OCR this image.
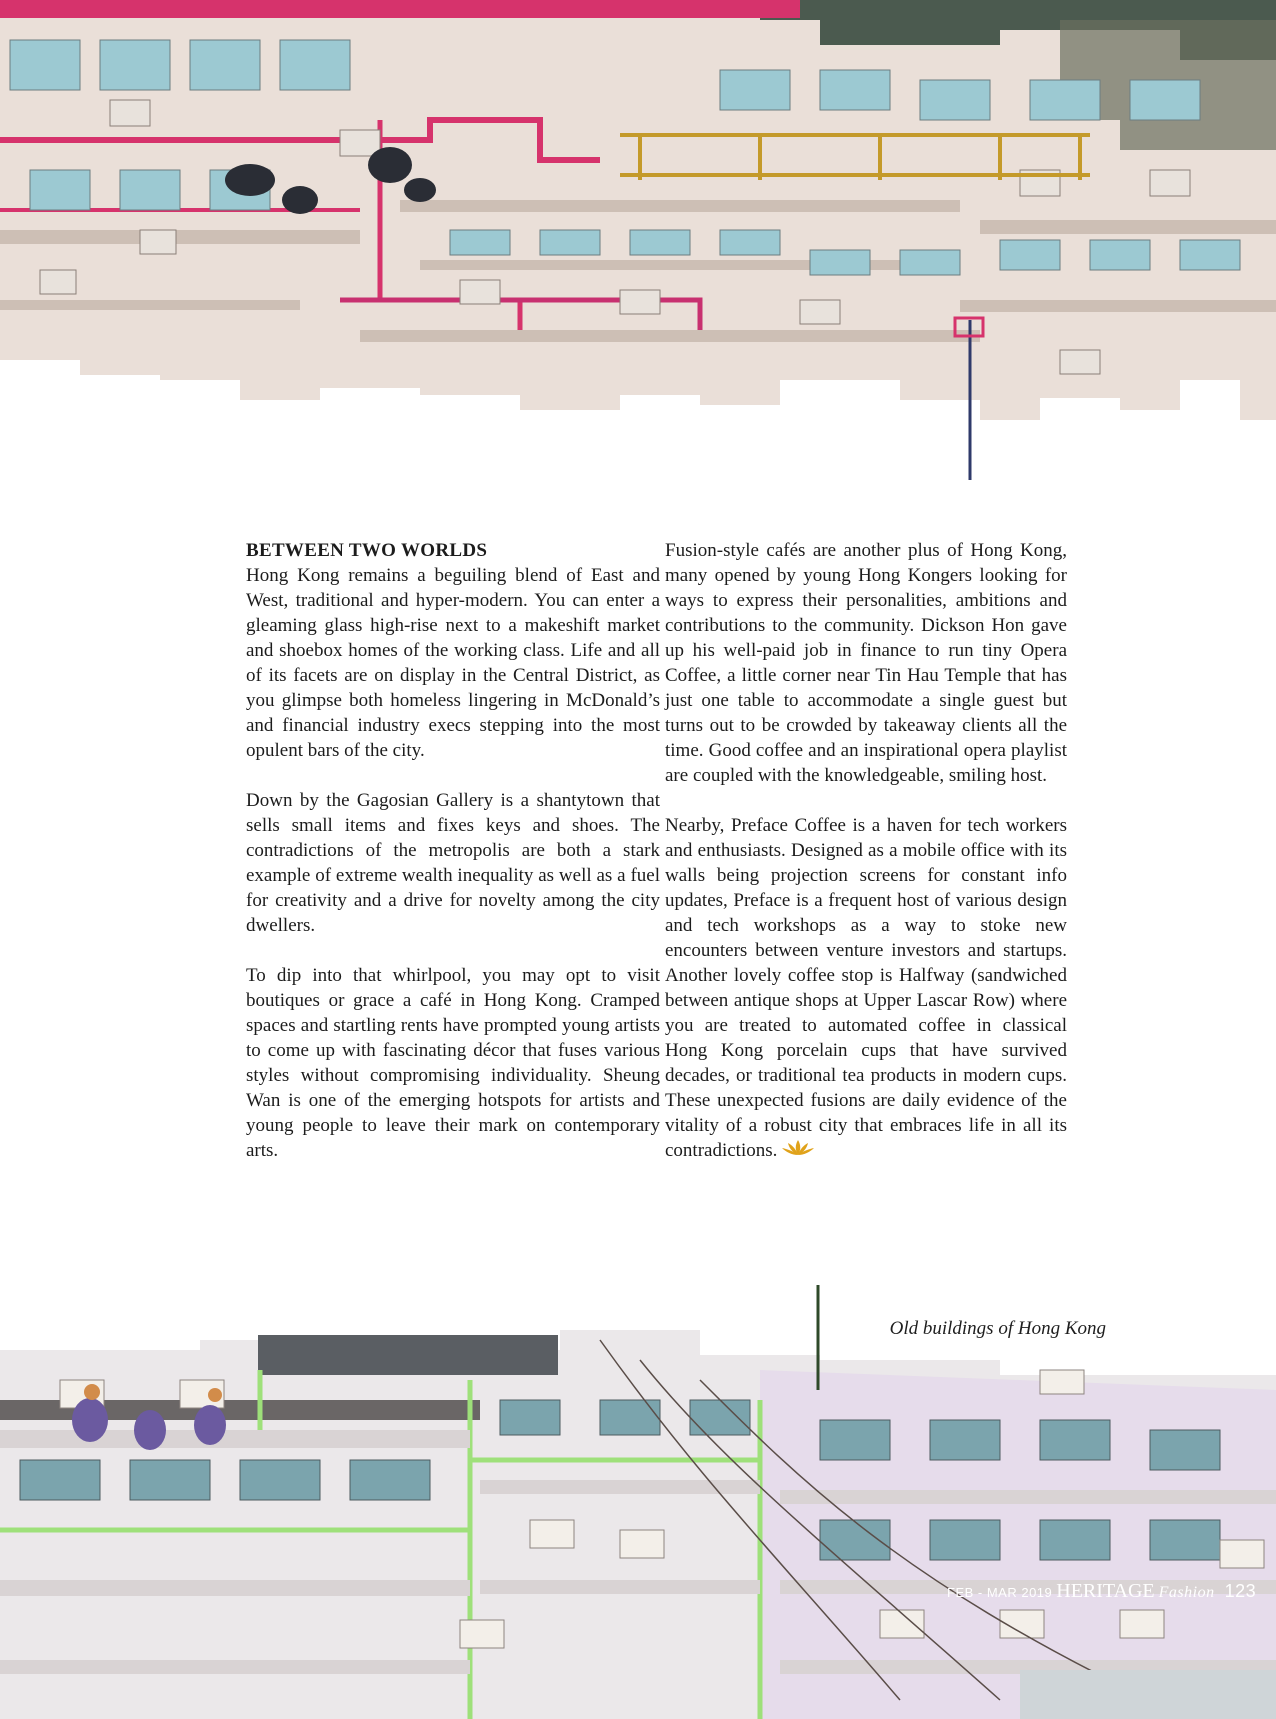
BETWEEN TWO WORLDS

Hong Kong remains a beguiling blend of East and West, traditional and hyper-modern. You can enter a gleaming glass high-rise next to a makeshift market and shoebox homes of the working class. Life and all of its facets are on display in the Central District, as you glimpse both homeless lingering in McDonald’s and financial industry execs stepping into the most opulent bars of the city.

Down by the Gagosian Gallery is a shantytown that sells small items and fixes keys and shoes. The contradictions of the metropolis are both a stark example of extreme wealth inequality as well as a fuel for creativity and a drive for novelty among the city dwellers.

To dip into that whirlpool, you may opt to visit boutiques or grace a café in Hong Kong. Cramped spaces and startling rents have prompted young artists to come up with fascinating décor that fuses various styles without compromising individuality. Sheung Wan is one of the emerging hotspots for artists and young people to leave their mark on contemporary arts.

Fusion-style cafés are another plus of Hong Kong, many opened by young Hong Kongers looking for ways to express their personalities, ambitions and contributions to the community. Dickson Hon gave up his well-paid job in finance to run tiny Opera Coffee, a little corner near Tin Hau Temple that has just one table to accommodate a single guest but turns out to be crowded by takeaway clients all the time. Good coffee and an inspirational opera playlist are coupled with the knowledgeable, smiling host.

Nearby, Preface Coffee is a haven for tech workers and enthusiasts. Designed as a mobile office with its walls being projection screens for constant info updates, Preface is a frequent host of various design and tech workshops as a way to stoke new encounters between venture investors and startups. Another lovely coffee stop is Halfway (sandwiched between antique shops at Upper Lascar Row) where you are treated to automated coffee in classical Hong Kong porcelain cups that have survived decades, or traditional tea products in modern cups. These unexpected fusions are daily evidence of the vitality of a robust city that embraces life in all its contradictions.

Old buildings of Hong Kong
FEB - MAR 2019 HERITAGE Fashion 123
